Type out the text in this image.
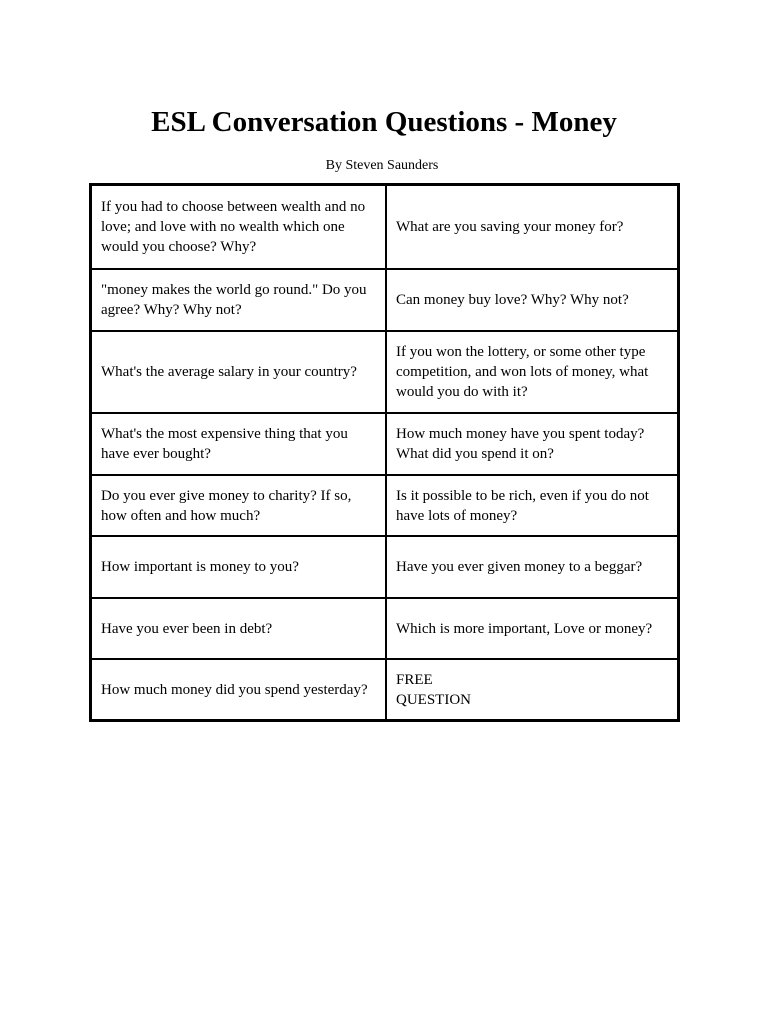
ESL Conversation Questions - Money
By Steven Saunders
If you had to choose between wealth and no love; and love with no wealth which one would you choose? Why?	What are you saving your money for?
"money makes the world go round." Do you agree? Why? Why not?	Can money buy love? Why? Why not?
What's the average salary in your country?	If you won the lottery, or some other type competition, and won lots of money, what would you do with it?
What's the most expensive thing that you have ever bought?	How much money have you spent today? What did you spend it on?
Do you ever give money to charity? If so, how often and how much?	Is it possible to be rich, even if you do not have lots of money?
How important is money to you?	Have you ever given money to a beggar?
Have you ever been in debt?	Which is more important, Love or money?
How much money did you spend yesterday?	FREE
QUESTION
